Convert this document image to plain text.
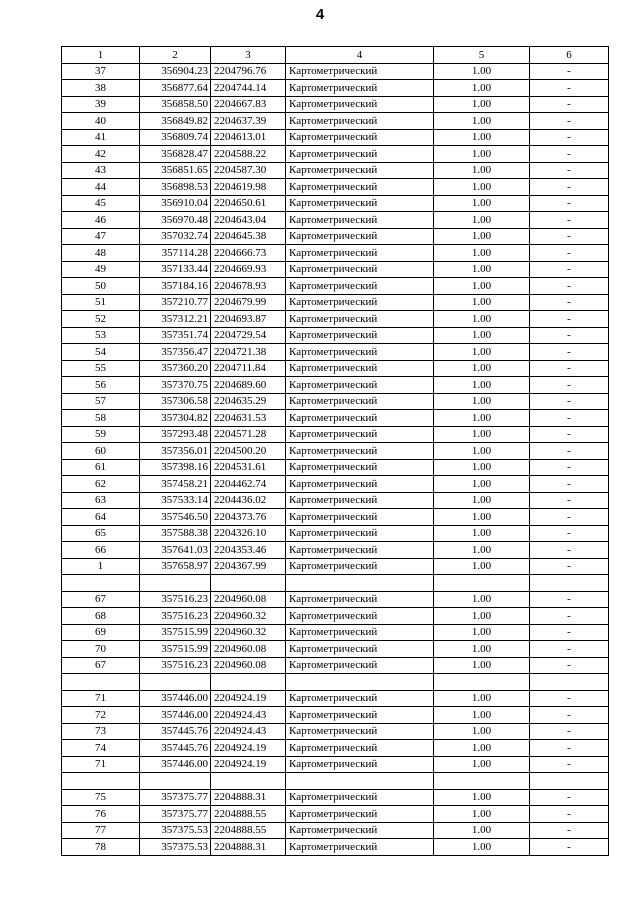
4
1	2	3	4	5	6
37	356904.23	2204796.76	Картометрический	1.00	-
38	356877.64	2204744.14	Картометрический	1.00	-
39	356858.50	2204667.83	Картометрический	1.00	-
40	356849.82	2204637.39	Картометрический	1.00	-
41	356809.74	2204613.01	Картометрический	1.00	-
42	356828.47	2204588.22	Картометрический	1.00	-
43	356851.65	2204587.30	Картометрический	1.00	-
44	356898.53	2204619.98	Картометрический	1.00	-
45	356910.04	2204650.61	Картометрический	1.00	-
46	356970.48	2204643.04	Картометрический	1.00	-
47	357032.74	2204645.38	Картометрический	1.00	-
48	357114.28	2204666.73	Картометрический	1.00	-
49	357133.44	2204669.93	Картометрический	1.00	-
50	357184.16	2204678.93	Картометрический	1.00	-
51	357210.77	2204679.99	Картометрический	1.00	-
52	357312.21	2204693.87	Картометрический	1.00	-
53	357351.74	2204729.54	Картометрический	1.00	-
54	357356.47	2204721.38	Картометрический	1.00	-
55	357360.20	2204711.84	Картометрический	1.00	-
56	357370.75	2204689.60	Картометрический	1.00	-
57	357306.58	2204635.29	Картометрический	1.00	-
58	357304.82	2204631.53	Картометрический	1.00	-
59	357293.48	2204571.28	Картометрический	1.00	-
60	357356.01	2204500.20	Картометрический	1.00	-
61	357398.16	2204531.61	Картометрический	1.00	-
62	357458.21	2204462.74	Картометрический	1.00	-
63	357533.14	2204436.02	Картометрический	1.00	-
64	357546.50	2204373.76	Картометрический	1.00	-
65	357588.38	2204326.10	Картометрический	1.00	-
66	357641.03	2204353.46	Картометрический	1.00	-
1	357658.97	2204367.99	Картометрический	1.00	-

67	357516.23	2204960.08	Картометрический	1.00	-
68	357516.23	2204960.32	Картометрический	1.00	-
69	357515.99	2204960.32	Картометрический	1.00	-
70	357515.99	2204960.08	Картометрический	1.00	-
67	357516.23	2204960.08	Картометрический	1.00	-

71	357446.00	2204924.19	Картометрический	1.00	-
72	357446.00	2204924.43	Картометрический	1.00	-
73	357445.76	2204924.43	Картометрический	1.00	-
74	357445.76	2204924.19	Картометрический	1.00	-
71	357446.00	2204924.19	Картометрический	1.00	-

75	357375.77	2204888.31	Картометрический	1.00	-
76	357375.77	2204888.55	Картометрический	1.00	-
77	357375.53	2204888.55	Картометрический	1.00	-
78	357375.53	2204888.31	Картометрический	1.00	-
